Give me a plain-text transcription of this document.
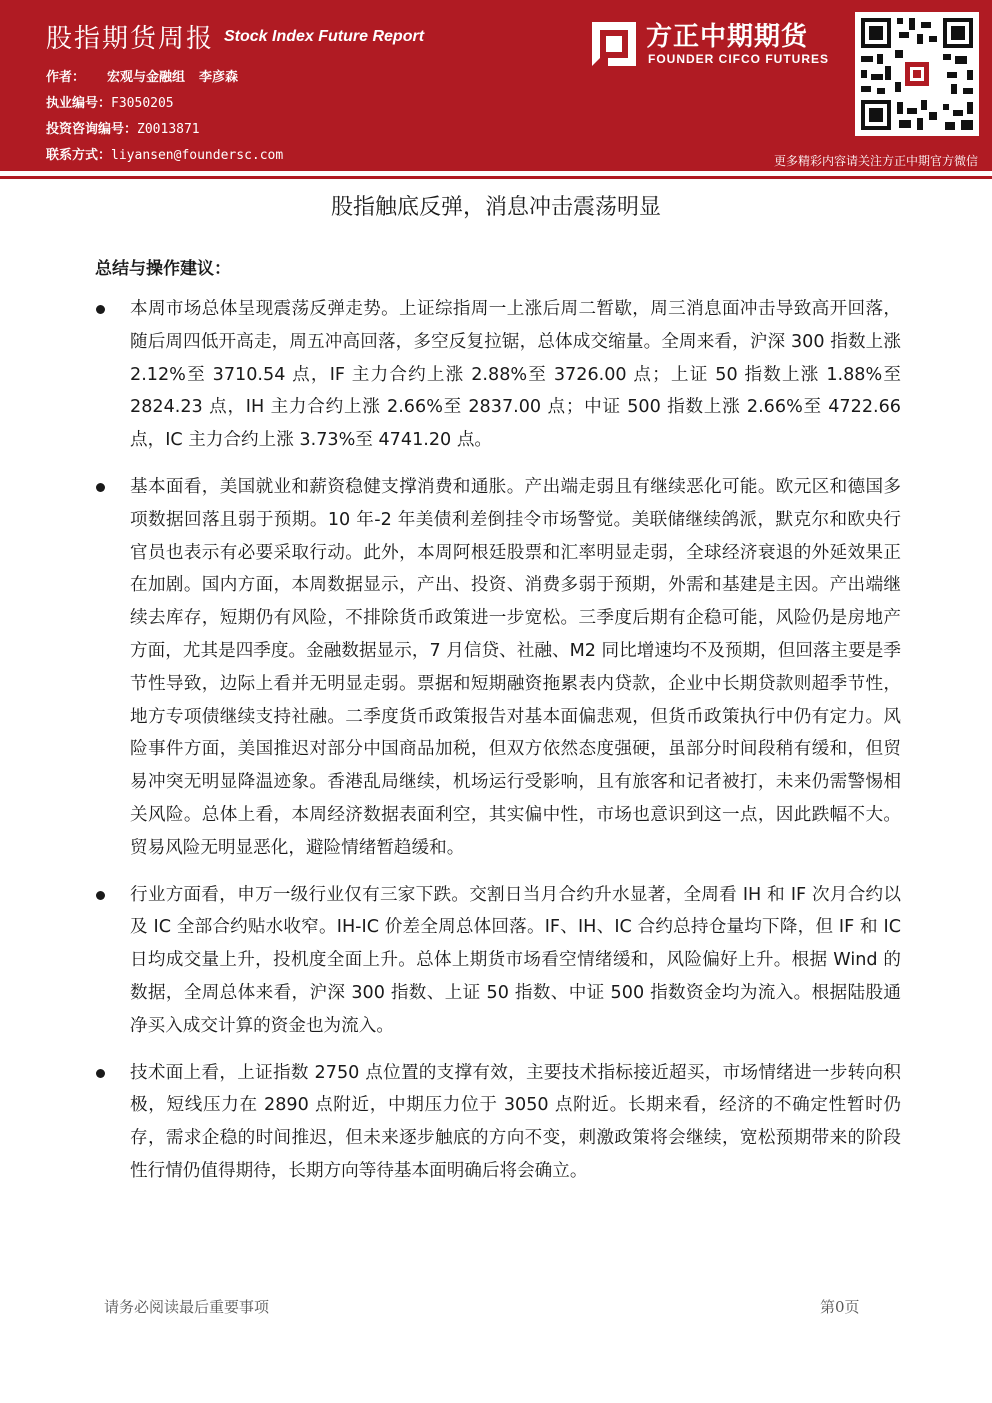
股指期货周报 Stock Index Future Report
作者： 宏观与金融组 李彦森
执业编号：F3050205
投资咨询编号：Z0013871
联系方式：liyansen@foundersc.com
方正中期期货
FOUNDER CIFCO FUTURES
更多精彩内容请关注方正中期官方微信
股指触底反弹，消息冲击震荡明显
总结与操作建议：
本周市场总体呈现震荡反弹走势。上证综指周一上涨后周二暂歇，周三消息面冲击导致高开回落，随后周四低开高走，周五冲高回落，多空反复拉锯，总体成交缩量。全周来看，沪深 300 指数上涨 2.12%至 3710.54 点，IF 主力合约上涨 2.88%至 3726.00 点；上证 50 指数上涨 1.88%至 2824.23 点，IH 主力合约上涨 2.66%至 2837.00 点；中证 500 指数上涨 2.66%至 4722.66 点，IC 主力合约上涨 3.73%至 4741.20 点。
基本面看，美国就业和薪资稳健支撑消费和通胀。产出端走弱且有继续恶化可能。欧元区和德国多项数据回落且弱于预期。10 年-2 年美债利差倒挂令市场警觉。美联储继续鸽派，默克尔和欧央行官员也表示有必要采取行动。此外，本周阿根廷股票和汇率明显走弱，全球经济衰退的外延效果正在加剧。国内方面，本周数据显示，产出、投资、消费多弱于预期，外需和基建是主因。产出端继续去库存，短期仍有风险，不排除货币政策进一步宽松。三季度后期有企稳可能，风险仍是房地产方面，尤其是四季度。金融数据显示，7 月信贷、社融、M2 同比增速均不及预期，但回落主要是季节性导致，边际上看并无明显走弱。票据和短期融资拖累表内贷款，企业中长期贷款则超季节性，地方专项债继续支持社融。二季度货币政策报告对基本面偏悲观，但货币政策执行中仍有定力。风险事件方面，美国推迟对部分中国商品加税，但双方依然态度强硬，虽部分时间段稍有缓和，但贸易冲突无明显降温迹象。香港乱局继续，机场运行受影响，且有旅客和记者被打，未来仍需警惕相关风险。总体上看，本周经济数据表面利空，其实偏中性，市场也意识到这一点，因此跌幅不大。贸易风险无明显恶化，避险情绪暂趋缓和。
行业方面看，申万一级行业仅有三家下跌。交割日当月合约升水显著，全周看 IH 和 IF 次月合约以及 IC 全部合约贴水收窄。IH-IC 价差全周总体回落。IF、IH、IC 合约总持仓量均下降，但 IF 和 IC 日均成交量上升，投机度全面上升。总体上期货市场看空情绪缓和，风险偏好上升。根据 Wind 的数据，全周总体来看，沪深 300 指数、上证 50 指数、中证 500 指数资金均为流入。根据陆股通净买入成交计算的资金也为流入。
技术面上看，上证指数 2750 点位置的支撑有效，主要技术指标接近超买，市场情绪进一步转向积极，短线压力在 2890 点附近，中期压力位于 3050 点附近。长期来看，经济的不确定性暂时仍存，需求企稳的时间推迟，但未来逐步触底的方向不变，刺激政策将会继续，宽松预期带来的阶段性行情仍值得期待，长期方向等待基本面明确后将会确立。
请务必阅读最后重要事项	第0页
